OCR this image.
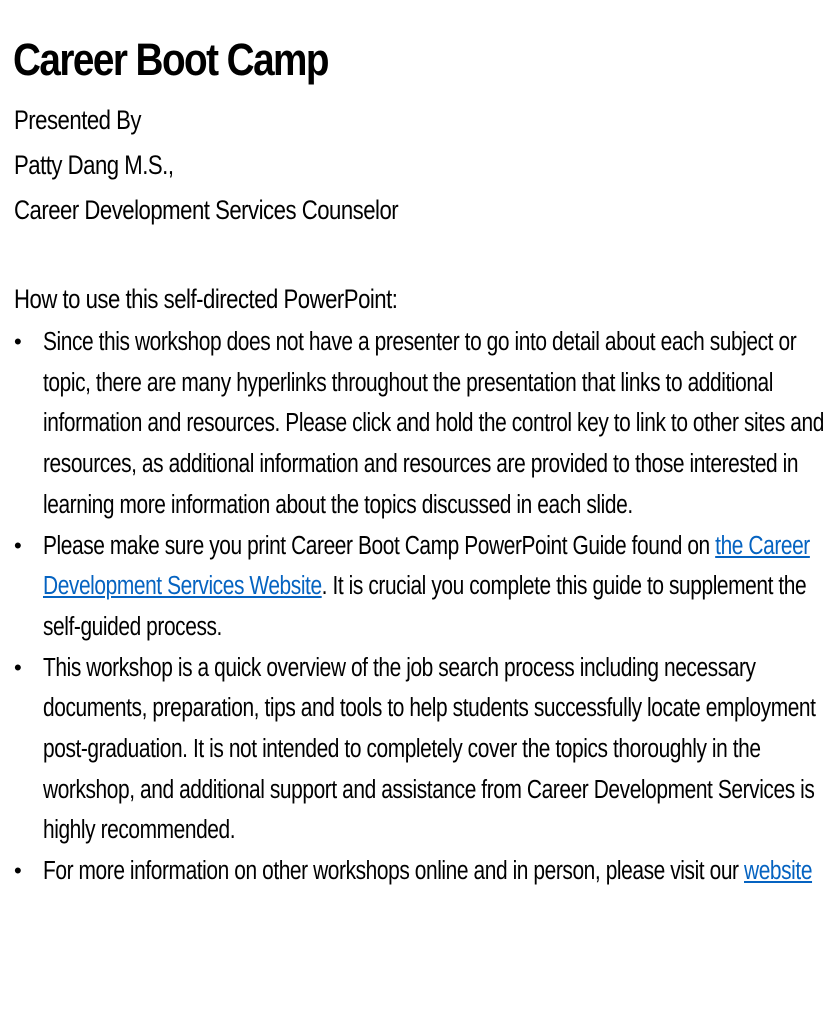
Career Boot Camp
Presented By
Patty Dang M.S.,
Career Development Services Counselor
How to use this self-directed PowerPoint:
• Since this workshop does not have a presenter to go into detail about each subject or
topic, there are many hyperlinks throughout the presentation that links to additional
information and resources. Please click and hold the control key to link to other sites and
resources, as additional information and resources are provided to those interested in
learning more information about the topics discussed in each slide.
• Please make sure you print Career Boot Camp PowerPoint Guide found on the Career
Development Services Website. It is crucial you complete this guide to supplement the
self-guided process.
• This workshop is a quick overview of the job search process including necessary
documents, preparation, tips and tools to help students successfully locate employment
post-graduation. It is not intended to completely cover the topics thoroughly in the
workshop, and additional support and assistance from Career Development Services is
highly recommended.
• For more information on other workshops online and in person, please visit our website
